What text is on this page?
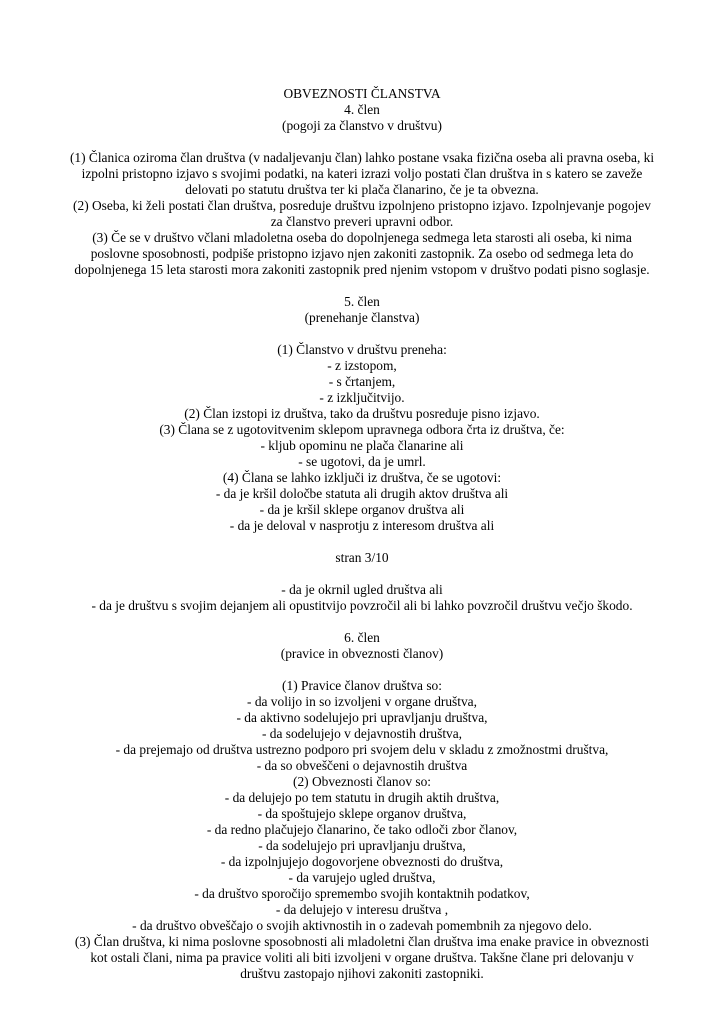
OBVEZNOSTI ČLANSTVA

4. člen

(pogoji za članstvo v društvu)

(1) Članica oziroma član društva (v nadaljevanju član) lahko postane vsaka fizična oseba ali pravna oseba, ki

izpolni pristopno izjavo s svojimi podatki, na kateri izrazi voljo postati član društva in s katero se zaveže

delovati po statutu društva ter ki plača članarino, če je ta obvezna.

(2) Oseba, ki želi postati član društva, posreduje društvu izpolnjeno pristopno izjavo. Izpolnjevanje pogojev

za članstvo preveri upravni odbor.

(3) Če se v društvo včlani mladoletna oseba do dopolnjenega sedmega leta starosti ali oseba, ki nima

poslovne sposobnosti, podpiše pristopno izjavo njen zakoniti zastopnik. Za osebo od sedmega leta do

dopolnjenega 15 leta starosti mora zakoniti zastopnik pred njenim vstopom v društvo podati pisno soglasje.

5. člen

(prenehanje članstva)

(1) Članstvo v društvu preneha:

- z izstopom,

- s črtanjem,

- z izključitvijo.

(2) Član izstopi iz društva, tako da društvu posreduje pisno izjavo.

(3) Člana se z ugotovitvenim sklepom upravnega odbora črta iz društva, če:

- kljub opominu ne plača članarine ali

- se ugotovi, da je umrl.

(4) Člana se lahko izključi iz društva, če se ugotovi:

- da je kršil določbe statuta ali drugih aktov društva ali

- da je kršil sklepe organov društva ali

- da je deloval v nasprotju z interesom društva ali

stran 3/10

- da je okrnil ugled društva ali

- da je društvu s svojim dejanjem ali opustitvijo povzročil ali bi lahko povzročil društvu večjo škodo.

6. člen

(pravice in obveznosti članov)

(1) Pravice članov društva so:

- da volijo in so izvoljeni v organe društva,

- da aktivno sodelujejo pri upravljanju društva,

- da sodelujejo v dejavnostih društva,

- da prejemajo od društva ustrezno podporo pri svojem delu v skladu z zmožnostmi društva,

- da so obveščeni o dejavnostih društva

(2) Obveznosti članov so:

- da delujejo po tem statutu in drugih aktih društva,

- da spoštujejo sklepe organov društva,

- da redno plačujejo članarino, če tako odloči zbor članov,

- da sodelujejo pri upravljanju društva,

- da izpolnjujejo dogovorjene obveznosti do društva,

- da varujejo ugled društva,

- da društvo sporočijo spremembo svojih kontaktnih podatkov,

- da delujejo v interesu društva ,

- da društvo obveščajo o svojih aktivnostih in o zadevah pomembnih za njegovo delo.

(3) Član društva, ki nima poslovne sposobnosti ali mladoletni član društva ima enake pravice in obveznosti

kot ostali člani, nima pa pravice voliti ali biti izvoljeni v organe društva. Takšne člane pri delovanju v

društvu zastopajo njihovi zakoniti zastopniki.
